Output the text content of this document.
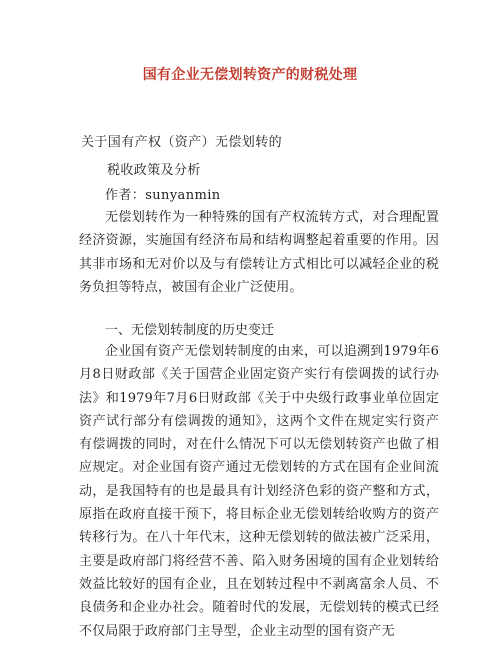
国有企业无偿划转资产的财税处理
关于国有产权（资产）无偿划转的
税收政策及分析
作者：sunyanmin

无偿划转作为一种特殊的国有产权流转方式，对合理配置经济资源，实施国有经济布局和结构调整起着重要的作用。因其非市场和无对价以及与有偿转让方式相比可以减轻企业的税务负担等特点，被国有企业广泛使用。

一、无偿划转制度的历史变迁

企业国有资产无偿划转制度的由来，可以追溯到1979年6月8日财政部《关于国营企业固定资产实行有偿调拨的试行办法》和1979年7月6日财政部《关于中央级行政事业单位固定资产试行部分有偿调拨的通知》，这两个文件在规定实行资产有偿调拨的同时，对在什么情况下可以无偿划转资产也做了相应规定。对企业国有资产通过无偿划转的方式在国有企业间流动，是我国特有的也是最具有计划经济色彩的资产整和方式，原指在政府直接干预下，将目标企业无偿划转给收购方的资产转移行为。在八十年代末，这种无偿划转的做法被广泛采用，主要是政府部门将经营不善、陷入财务困境的国有企业划转给效益比较好的国有企业，且在划转过程中不剥离富余人员、不良债务和企业办社会。随着时代的发展，无偿划转的模式已经不仅局限于政府部门主导型，企业主动型的国有资产无
